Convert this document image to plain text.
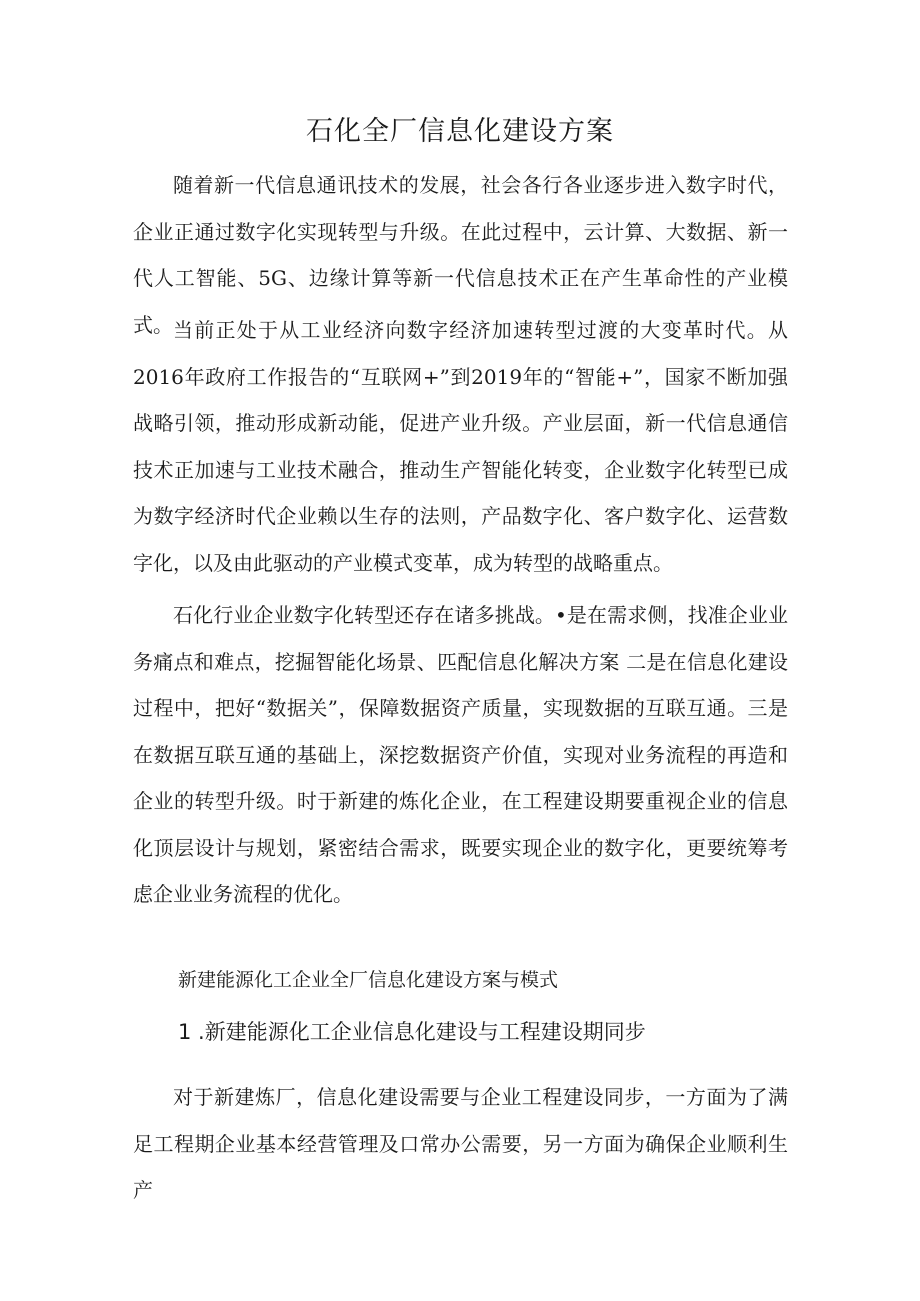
石化全厂信息化建设方案

随着新一代信息通讯技术的发展，社会各行各业逐步进入数字时代，企业正通过数字化实现转型与升级。在此过程中，云计算、大数据、新一代人工智能、5G、边缘计算等新一代信息技术正在产生革命性的产业模式。 当前正处于从工业经济向数字经济加速转型过渡的大变革时代。从2016年政府工作报告的“互联网+”到2019年的“智能+”，国家不断加强战略引领，推动形成新动能，促进产业升级。产业层面，新一代信息通信技术正加速与工业技术融合，推动生产智能化转变，企业数字化转型已成为数字经济时代企业赖以生存的法则，产品数字化、客户数字化、运营数字化，以及由此驱动的产业模式变革，成为转型的战略重点。

石化行业企业数字化转型还存在诸多挑战。•是在需求侧，找准企业业务痛点和难点，挖掘智能化场景、匹配信息化解决方案 二是在信息化建设过程中，把好“数据关”，保障数据资产质量，实现数据的互联互通。三是在数据互联互通的基础上，深挖数据资产价值，实现对业务流程的再造和企业的转型升级。时于新建的炼化企业，在工程建设期要重视企业的信息化顶层设计与规划，紧密结合需求，既要实现企业的数字化，更要统筹考虑企业业务流程的优化。

新建能源化工企业全厂信息化建设方案与模式
1 .新建能源化工企业信息化建设与工程建设期同步

对于新建炼厂，信息化建设需要与企业工程建设同步，一方面为了满足工程期企业基本经营管理及口常办公需要，另一方面为确保企业顺利生产
